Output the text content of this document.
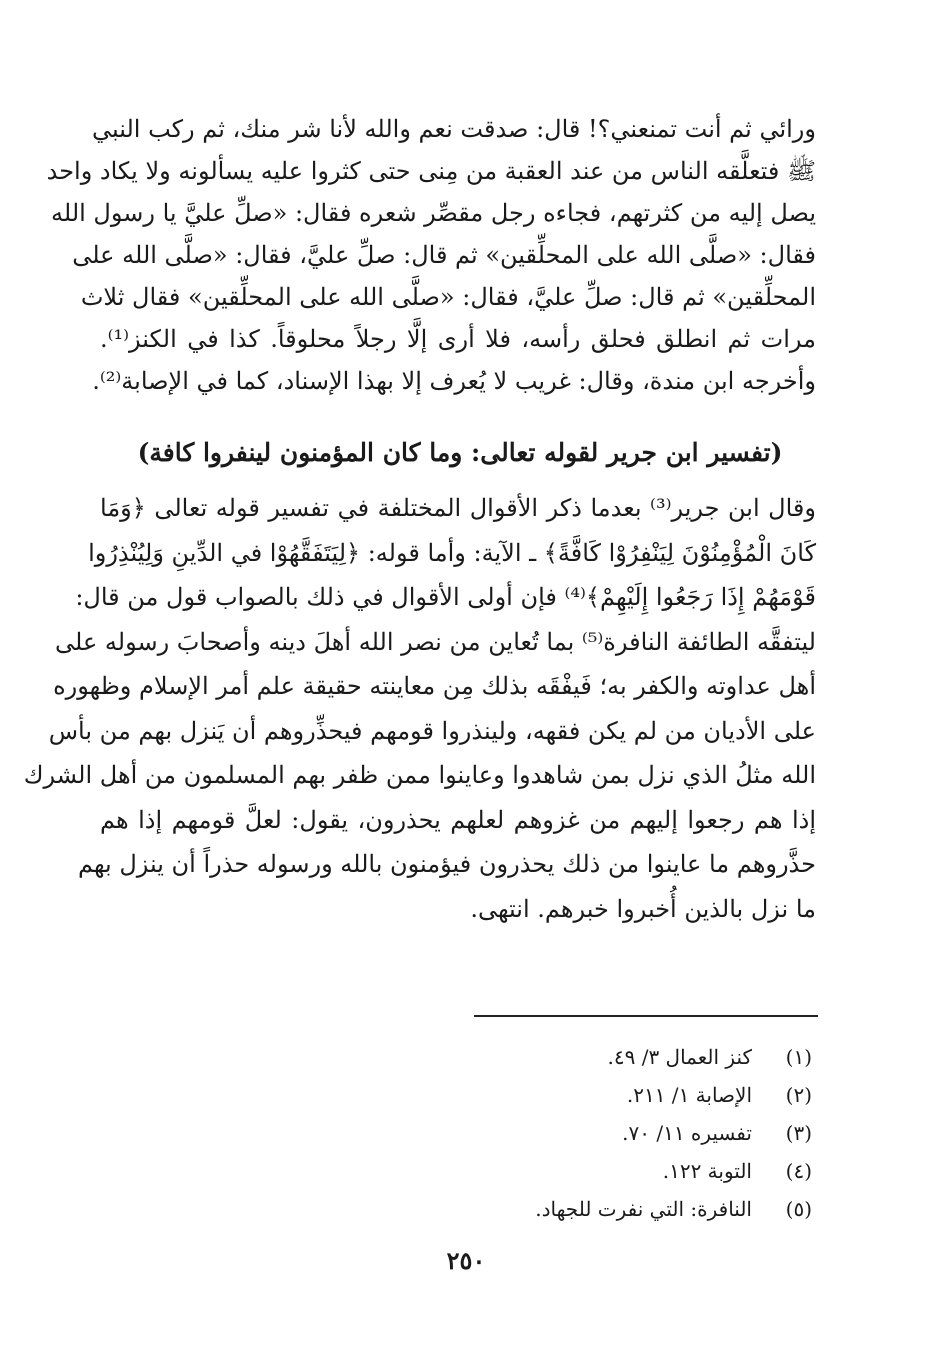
ورائي ثم أنت تمنعني؟! قال: صدقت نعم والله لأنا شر منك، ثم ركب النبي
ﷺ فتعلَّقه الناس من عند العقبة من مِنى حتى كثروا عليه يسألونه ولا يكاد واحد
يصل إليه من كثرتهم، فجاءه رجل مقصِّر شعره فقال: «صلِّ عليَّ يا رسول الله
فقال: «صلَّى الله على المحلِّقين» ثم قال: صلِّ عليَّ، فقال: «صلَّى الله على
المحلِّقين» ثم قال: صلِّ عليَّ، فقال: «صلَّى الله على المحلِّقين» فقال ثلاث
مرات ثم انطلق فحلق رأسه، فلا أرى إلَّا رجلاً محلوقاً. كذا في الكنز⁽¹⁾.
وأخرجه ابن مندة، وقال: غريب لا يُعرف إلا بهذا الإسناد، كما في الإصابة⁽²⁾.
(تفسير ابن جرير لقوله تعالى: وما كان المؤمنون لينفروا كافة)
وقال ابن جرير⁽³⁾ بعدما ذكر الأقوال المختلفة في تفسير قوله تعالى ﴿وَمَا
كَانَ الْمُؤْمِنُوْنَ لِيَنْفِرُوْا كَافَّةً﴾ ـ الآية: وأما قوله: ﴿لِيَتَفَقَّهُوْا في الدِّينِ وَلِيُنْذِرُوا
قَوْمَهُمْ إِذَا رَجَعُوا إِلَيْهِمْ﴾⁽⁴⁾ فإن أولى الأقوال في ذلك بالصواب قول من قال:
ليتفقَّه الطائفة النافرة⁽⁵⁾ بما تُعاين من نصر الله أهلَ دينه وأصحابَ رسوله على
أهل عداوته والكفر به؛ فَيفْقَه بذلك مِن معاينته حقيقة علم أمر الإسلام وظهوره
على الأديان من لم يكن فقهه، ولينذروا قومهم فيحذِّروهم أن يَنزل بهم من بأس
الله مثلُ الذي نزل بمن شاهدوا وعاينوا ممن ظفر بهم المسلمون من أهل الشرك
إذا هم رجعوا إليهم من غزوهم لعلهم يحذرون، يقول: لعلَّ قومهم إذا هم
حذَّروهم ما عاينوا من ذلك يحذرون فيؤمنون بالله ورسوله حذراً أن ينزل بهم
ما نزل بالذين أُخبروا خبرهم. انتهى.
(١)
كنز العمال ٣/ ٤٩.
(٢)
الإصابة ١/ ٢١١.
(٣)
تفسيره ١١/ ٧٠.
(٤)
التوبة ١٢٢.
(٥)
النافرة: التي نفرت للجهاد.
٢٥٠
